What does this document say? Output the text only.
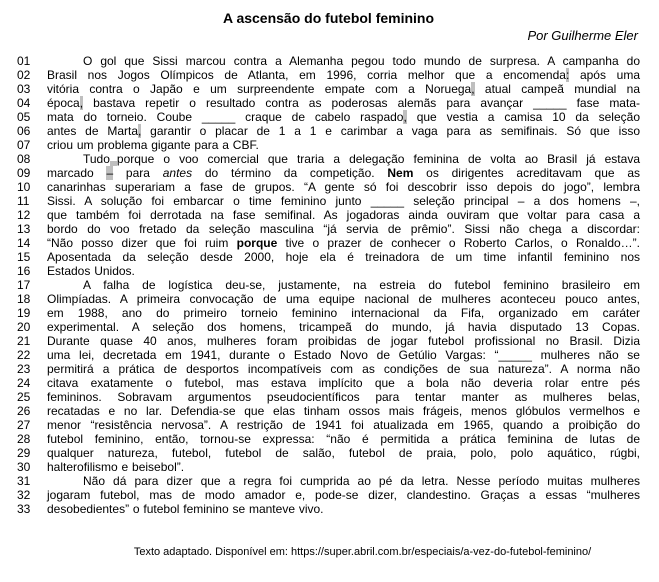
A ascensão do futebol feminino
Por Guilherme Eler
01	O gol que Sissi marcou contra a Alemanha pegou todo mundo de surpresa. A campanha do
02	Brasil nos Jogos Olímpicos de Atlanta, em 1996, corria melhor que a encomenda: após uma
03	vitória contra o Japão e um surpreendente empate com a Noruega, atual campeã mundial na
04	época, bastava repetir o resultado contra as poderosas alemãs para avançar _____ fase mata-
05	mata do torneio. Coube _____ craque de cabelo raspado, que vestia a camisa 10 da seleção
06	antes de Marta, garantir o placar de 1 a 1 e carimbar a vaga para as semifinais. Só que isso
07	criou um problema gigante para a CBF.
08	Tudo porque o voo comercial que traria a delegação feminina de volta ao Brasil já estava
09	marcado – para antes do término da competição. Nem os dirigentes acreditavam que as
10	canarinhas superariam a fase de grupos. “A gente só foi descobrir isso depois do jogo”, lembra
11	Sissi. A solução foi embarcar o time feminino junto _____ seleção principal – a dos homens –,
12	que também foi derrotada na fase semifinal. As jogadoras ainda ouviram que voltar para casa a
13	bordo do voo fretado da seleção masculina “já servia de prêmio”. Sissi não chega a discordar:
14	“Não posso dizer que foi ruim porque tive o prazer de conhecer o Roberto Carlos, o Ronaldo…”.
15	Aposentada da seleção desde 2000, hoje ela é treinadora de um time infantil feminino nos
16	Estados Unidos.
17	A falha de logística deu-se, justamente, na estreia do futebol feminino brasileiro em
18	Olimpíadas. A primeira convocação de uma equipe nacional de mulheres aconteceu pouco antes,
19	em 1988, ano do primeiro torneio feminino internacional da Fifa, organizado em caráter
20	experimental. A seleção dos homens, tricampeã do mundo, já havia disputado 13 Copas.
21	Durante quase 40 anos, mulheres foram proibidas de jogar futebol profissional no Brasil. Dizia
22	uma lei, decretada em 1941, durante o Estado Novo de Getúlio Vargas: “_____ mulheres não se
23	permitirá a prática de desportos incompatíveis com as condições de sua natureza”. A norma não
24	citava exatamente o futebol, mas estava implícito que a bola não deveria rolar entre pés
25	femininos. Sobravam argumentos pseudocientíficos para tentar manter as mulheres belas,
26	recatadas e no lar. Defendia-se que elas tinham ossos mais frágeis, menos glóbulos vermelhos e
27	menor “resistência nervosa”. A restrição de 1941 foi atualizada em 1965, quando a proibição do
28	futebol feminino, então, tornou-se expressa: “não é permitida a prática feminina de lutas de
29	qualquer natureza, futebol, futebol de salão, futebol de praia, polo, polo aquático, rúgbi,
30	halterofilismo e beisebol”.
31	Não dá para dizer que a regra foi cumprida ao pé da letra. Nesse período muitas mulheres
32	jogaram futebol, mas de modo amador e, pode-se dizer, clandestino. Graças a essas “mulheres
33	desobedientes” o futebol feminino se manteve vivo.
Texto adaptado. Disponível em: https://super.abril.com.br/especiais/a-vez-do-futebol-feminino/
